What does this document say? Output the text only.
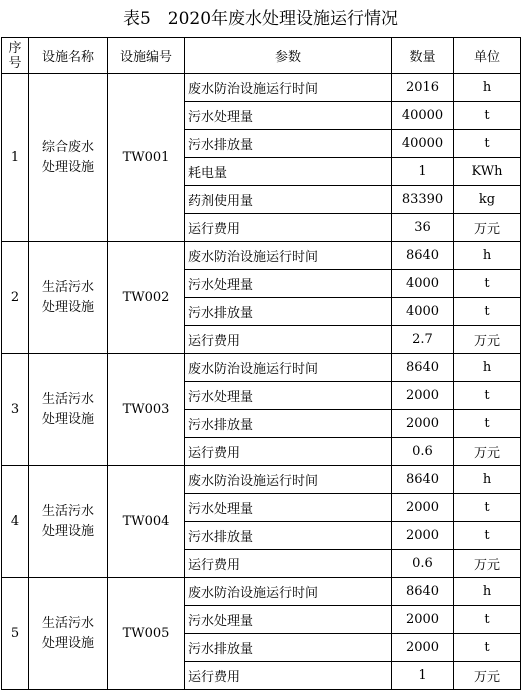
表5　2020年废水处理设施运行情况
序号	设施名称	设施编号	参数	数量	单位
1	综合废水处理设施	TW001	废水防治设施运行时间	2016	h
			污水处理量	40000	t
			污水排放量	40000	t
			耗电量	1	KWh
			药剂使用量	83390	kg
			运行费用	36	万元
2	生活污水处理设施	TW002	废水防治设施运行时间	8640	h
			污水处理量	4000	t
			污水排放量	4000	t
			运行费用	2.7	万元
3	生活污水处理设施	TW003	废水防治设施运行时间	8640	h
			污水处理量	2000	t
			污水排放量	2000	t
			运行费用	0.6	万元
4	生活污水处理设施	TW004	废水防治设施运行时间	8640	h
			污水处理量	2000	t
			污水排放量	2000	t
			运行费用	0.6	万元
5	生活污水处理设施	TW005	废水防治设施运行时间	8640	h
			污水处理量	2000	t
			污水排放量	2000	t
			运行费用	1	万元
